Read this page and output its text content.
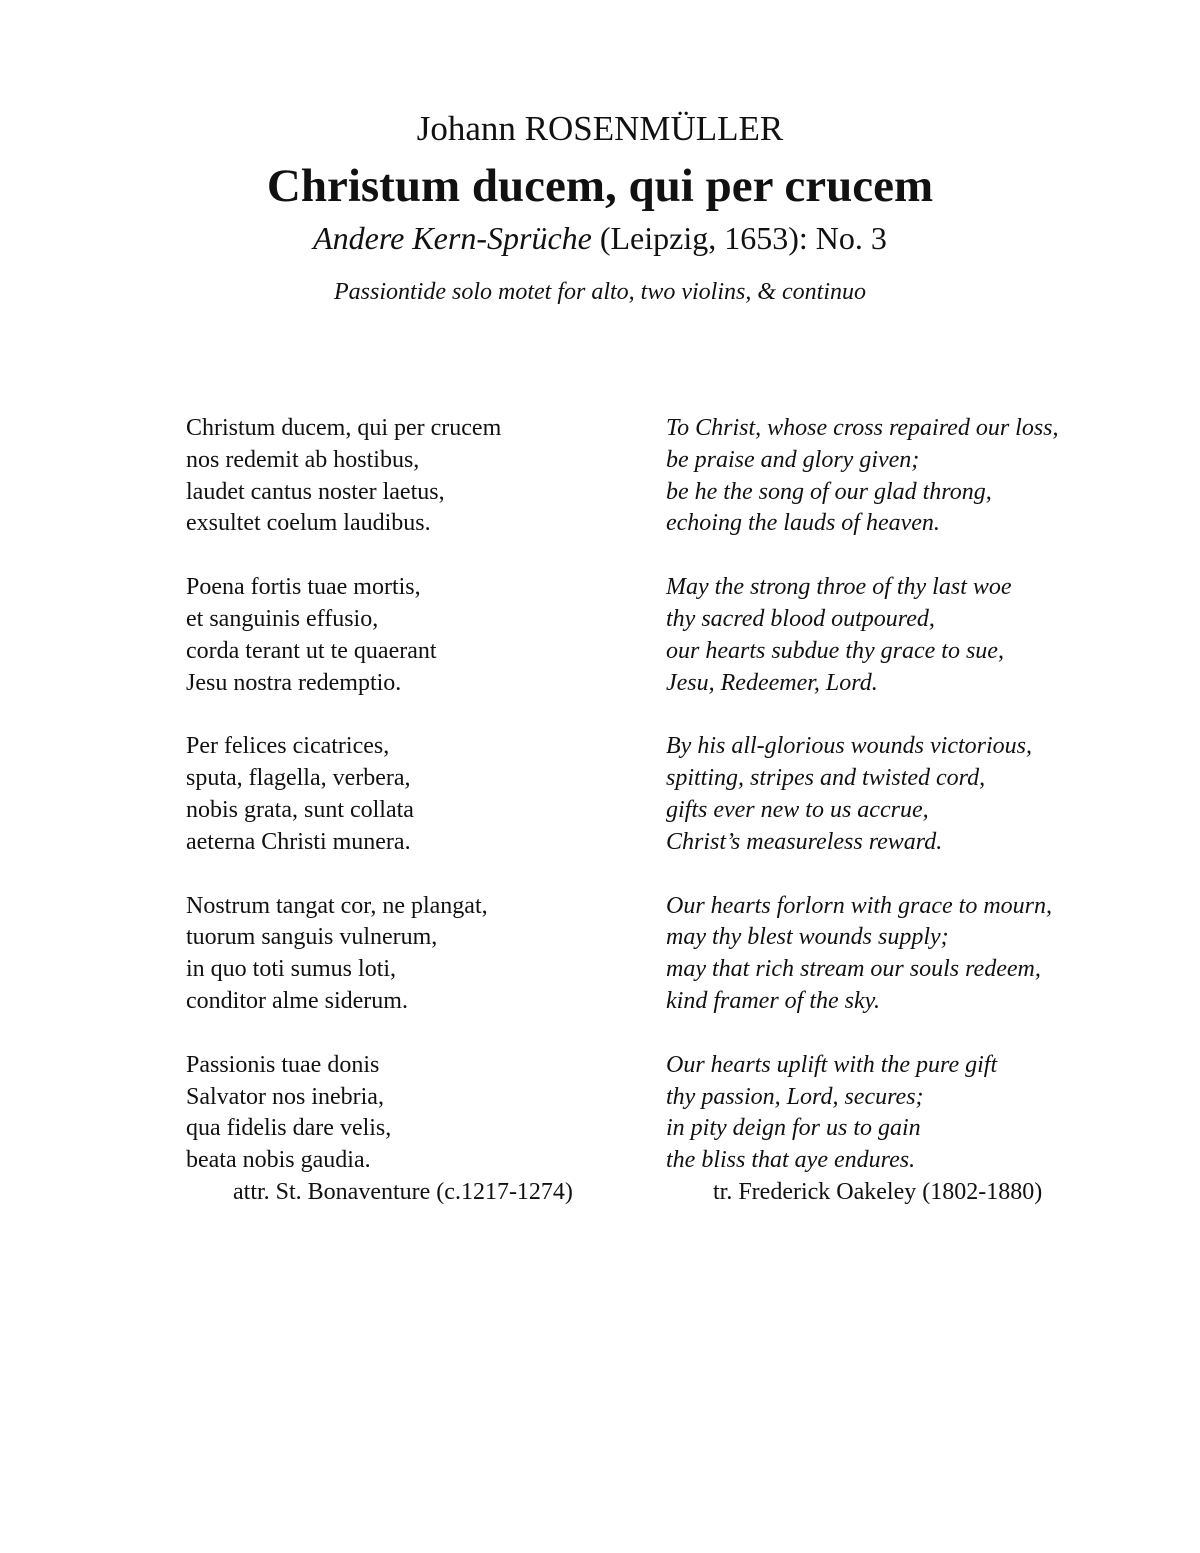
Johann ROSENMÜLLER
Christum ducem, qui per crucem
Andere Kern-Sprüche (Leipzig, 1653): No. 3
Passiontide solo motet for alto, two violins, & continuo
Christum ducem, qui per crucem
nos redemit ab hostibus,
laudet cantus noster laetus,
exsultet coelum laudibus.
Poena fortis tuae mortis,
et sanguinis effusio,
corda terant ut te quaerant
Jesu nostra redemptio.
Per felices cicatrices,
sputa, flagella, verbera,
nobis grata, sunt collata
aeterna Christi munera.
Nostrum tangat cor, ne plangat,
tuorum sanguis vulnerum,
in quo toti sumus loti,
conditor alme siderum.
Passionis tuae donis
Salvator nos inebria,
qua fidelis dare velis,
beata nobis gaudia.
attr. St. Bonaventure (c.1217-1274)
To Christ, whose cross repaired our loss,
be praise and glory given;
be he the song of our glad throng,
echoing the lauds of heaven.
May the strong throe of thy last woe
thy sacred blood outpoured,
our hearts subdue thy grace to sue,
Jesu, Redeemer, Lord.
By his all-glorious wounds victorious,
spitting, stripes and twisted cord,
gifts ever new to us accrue,
Christ’s measureless reward.
Our hearts forlorn with grace to mourn,
may thy blest wounds supply;
may that rich stream our souls redeem,
kind framer of the sky.
Our hearts uplift with the pure gift
thy passion, Lord, secures;
in pity deign for us to gain
the bliss that aye endures.
tr. Frederick Oakeley (1802-1880)
